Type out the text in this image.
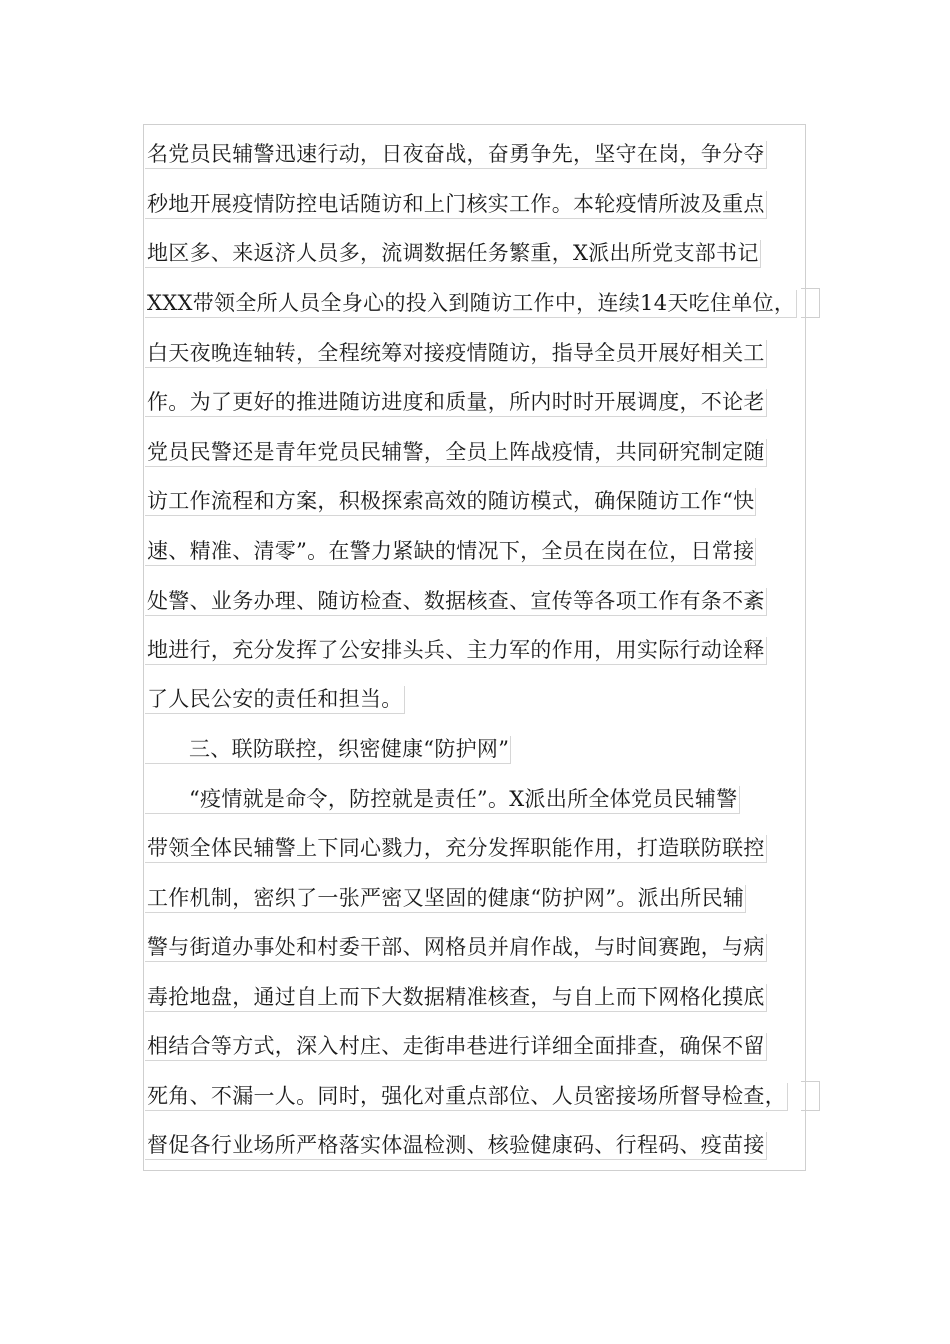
名党员民辅警迅速行动，日夜奋战，奋勇争先，坚守在岗，争分夺
秒地开展疫情防控电话随访和上门核实工作。本轮疫情所波及重点
地区多、来返济人员多，流调数据任务繁重，X派出所党支部书记
XXX带领全所人员全身心的投入到随访工作中，连续14天吃住单位，
白天夜晚连轴转，全程统筹对接疫情随访，指导全员开展好相关工
作。为了更好的推进随访进度和质量，所内时时开展调度，不论老
党员民警还是青年党员民辅警，全员上阵战疫情，共同研究制定随
访工作流程和方案，积极探索高效的随访模式，确保随访工作“快
速、精准、清零”。在警力紧缺的情况下，全员在岗在位，日常接
处警、业务办理、随访检查、数据核查、宣传等各项工作有条不紊
地进行，充分发挥了公安排头兵、主力军的作用，用实际行动诠释
了人民公安的责任和担当。
三、联防联控，织密健康“防护网”
“疫情就是命令，防控就是责任”。X派出所全体党员民辅警
带领全体民辅警上下同心戮力，充分发挥职能作用，打造联防联控
工作机制，密织了一张严密又坚固的健康“防护网”。派出所民辅
警与街道办事处和村委干部、网格员并肩作战，与时间赛跑，与病
毒抢地盘，通过自上而下大数据精准核查，与自上而下网格化摸底
相结合等方式，深入村庄、走街串巷进行详细全面排查，确保不留
死角、不漏一人。同时，强化对重点部位、人员密接场所督导检查，
督促各行业场所严格落实体温检测、核验健康码、行程码、疫苗接
